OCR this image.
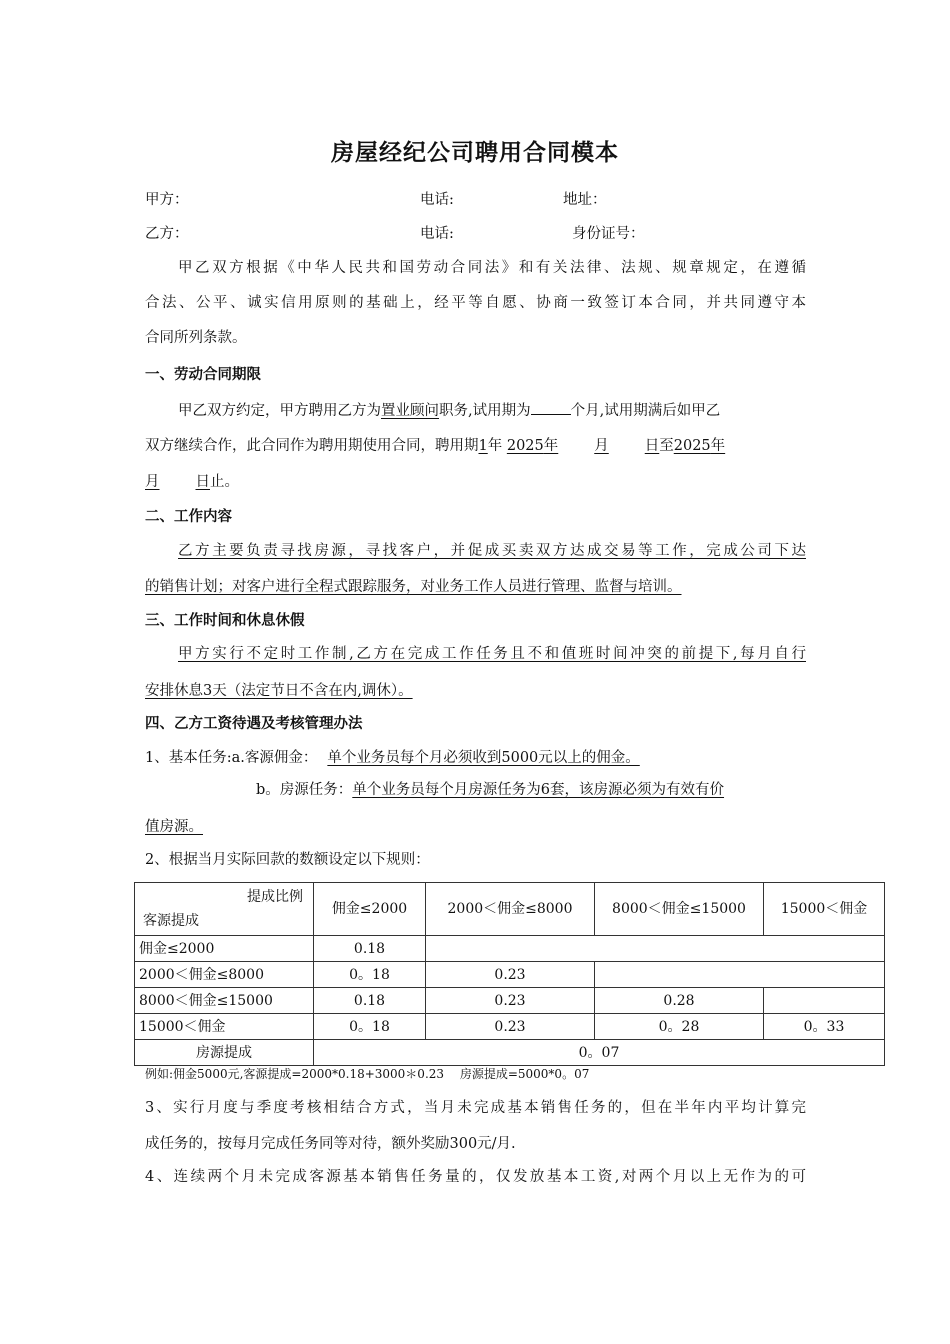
房屋经纪公司聘用合同模本
甲方：	电话:	地址：
乙方：	电话:	身份证号：
甲乙双方根据《中华人民共和国劳动合同法》和有关法律、法规、规章规定，在遵循
合法、公平、诚实信用原则的基础上，经平等自愿、协商一致签订本合同，并共同遵守本
合同所列条款。
一、劳动合同期限
甲乙双方约定，甲方聘用乙方为置业顾问职务,试用期为	个月,试用期满后如甲乙
双方继续合作，此合同作为聘用期使用合同，聘用期1年 2025年 月 日至2025年
月 日止。
二、工作内容
乙方主要负责寻找房源，寻找客户，并促成买卖双方达成交易等工作，完成公司下达
的销售计划；对客户进行全程式跟踪服务，对业务工作人员进行管理、监督与培训。
三、工作时间和休息休假
甲方实行不定时工作制,乙方在完成工作任务且不和值班时间冲突的前提下,每月自行
安排休息3天（法定节日不含在内,调休）。
四、乙方工资待遇及考核管理办法
1、基本任务:a.客源佣金： 单个业务员每个月必须收到5000元以上的佣金。
b。房源任务：单个业务员每个月房源任务为6套，该房源必须为有效有价
值房源。
2、根据当月实际回款的数额设定以下规则：
提成比例
客源提成	佣金≤2000	2000＜佣金≤8000	8000＜佣金≤15000	15000＜佣金
佣金≤2000	0.18			
2000＜佣金≤8000	0。18	0.23		
8000＜佣金≤15000	0.18	0.23	0.28	
15000＜佣金	0。18	0.23	0。28	0。33
房源提成	0。07			
例如:佣金5000元,客源提成=2000*0.18+3000＊0.23　 房源提成=5000*0。07
3、实行月度与季度考核相结合方式，当月未完成基本销售任务的，但在半年内平均计算完
成任务的，按每月完成任务同等对待，额外奖励300元/月.
4、连续两个月未完成客源基本销售任务量的，仅发放基本工资,对两个月以上无作为的可
